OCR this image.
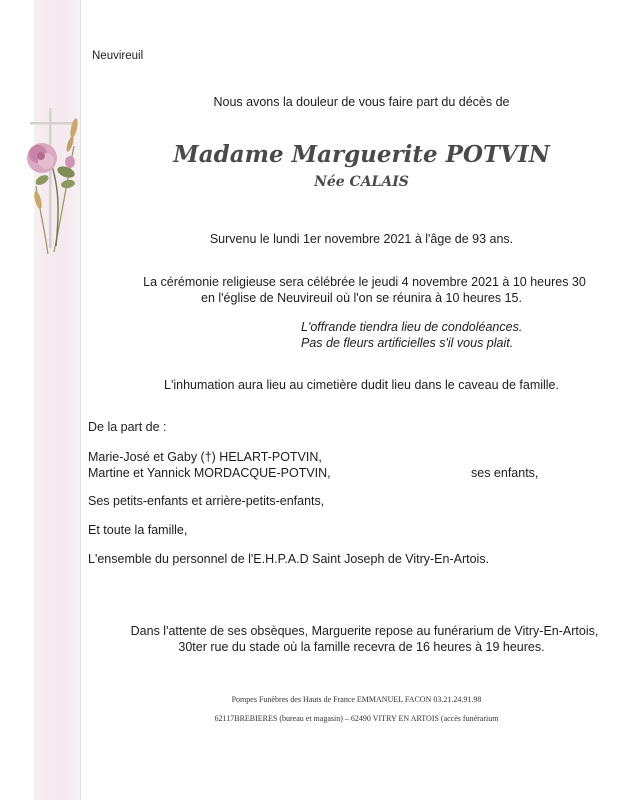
Neuvireuil
Nous avons la douleur de vous faire part du décès de
Madame Marguerite POTVIN
Née CALAIS
Survenu le lundi 1er novembre 2021 à l'âge de 93 ans.
La cérémonie religieuse sera célébrée le jeudi 4 novembre 2021 à 10 heures 30
en l'église de Neuvireuil où l'on se réunira à 10 heures 15.
L'offrande tiendra lieu de condoléances.
Pas de fleurs artificielles s'il vous plait.
L'inhumation aura lieu au cimetière dudit lieu dans le caveau de famille.
De la part de :
Marie-José et Gaby (†) HELART-POTVIN,
Martine et Yannick MORDACQUE-POTVIN,	ses enfants,
Ses petits-enfants et arrière-petits-enfants,
Et toute la famille,
L'ensemble du personnel de l'E.H.P.A.D Saint Joseph de Vitry-En-Artois.
Dans l'attente de ses obsèques, Marguerite repose au funérarium de Vitry-En-Artois,
30ter rue du stade où la famille recevra de 16 heures à 19 heures.
Pompes Funèbres des Hauts de France EMMANUEL FACON 03.21.24.91.98
62117BREBIERES (bureau et magasin) – 62490 VITRY EN ARTOIS (accès funérarium
